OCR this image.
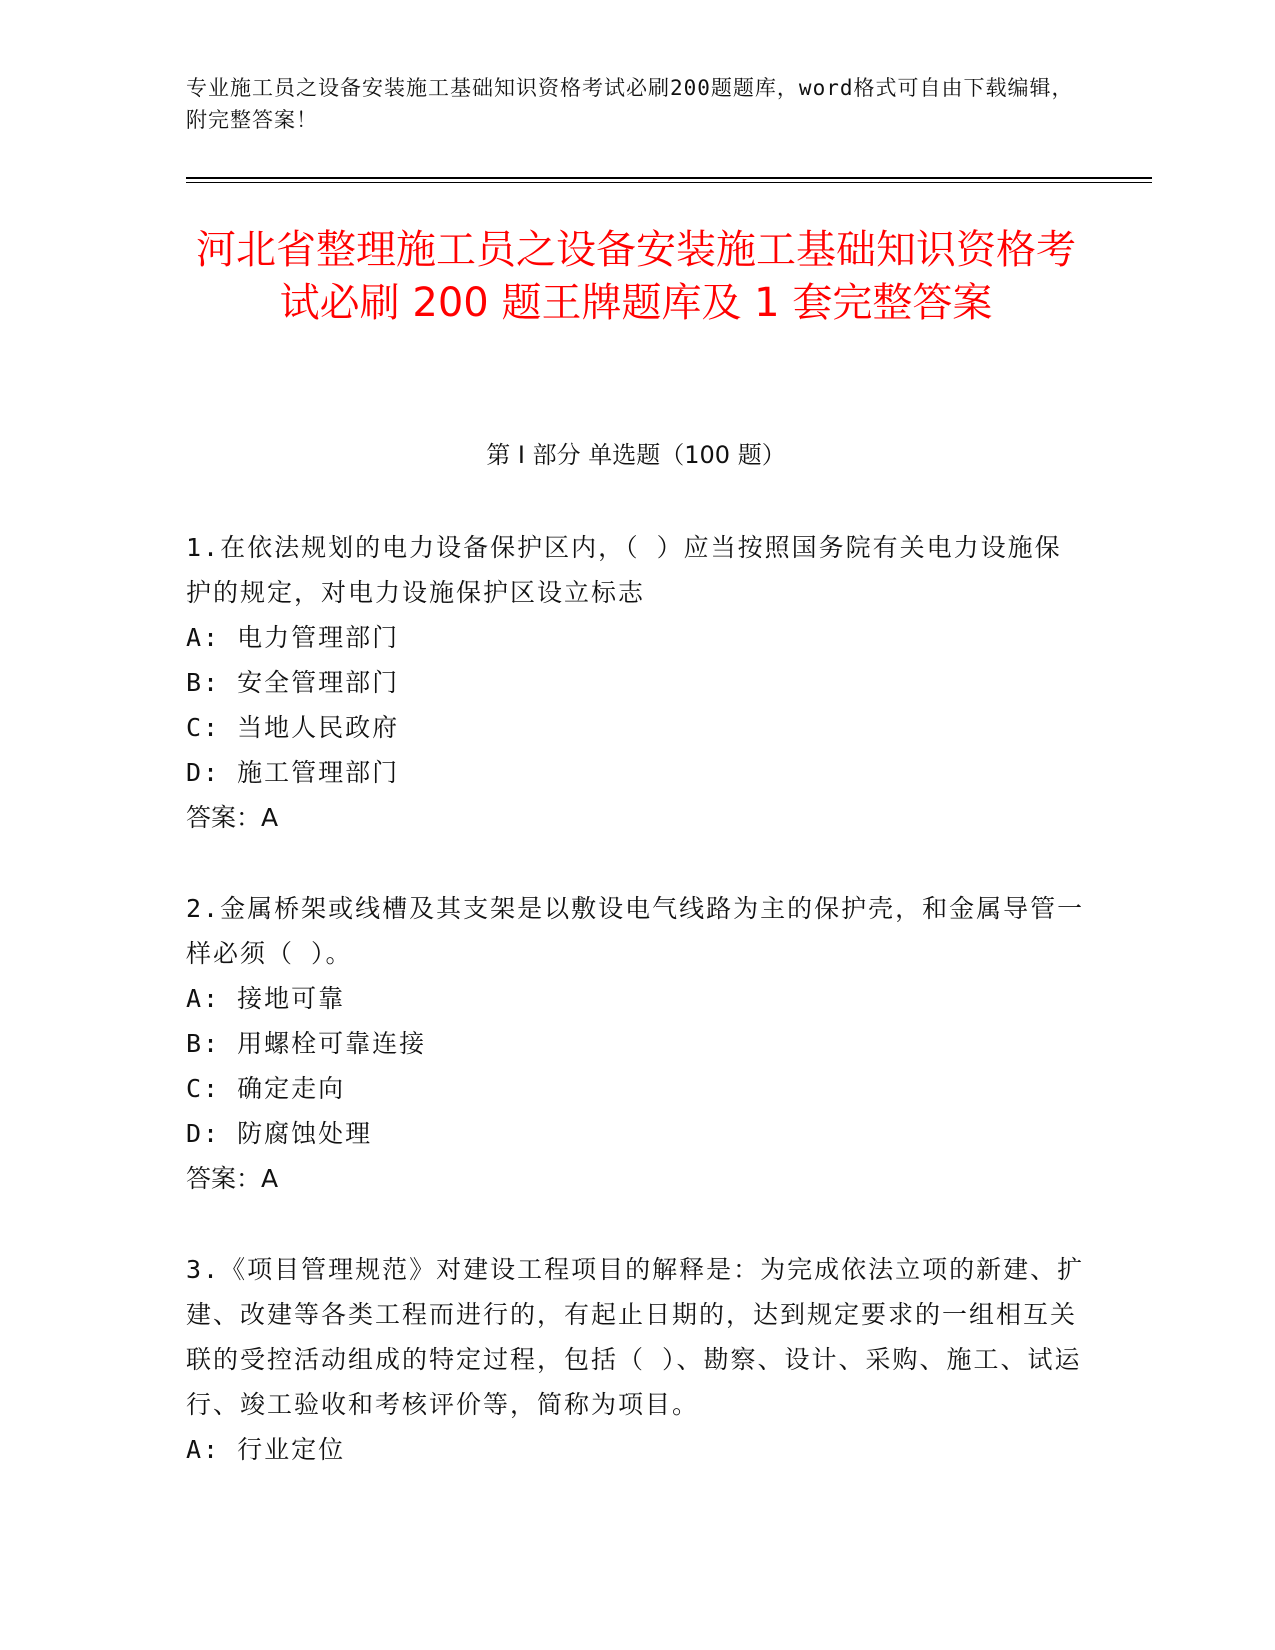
专业施工员之设备安装施工基础知识资格考试必刷200题题库，word格式可自由下载编辑，附完整答案！
河北省整理施工员之设备安装施工基础知识资格考试必刷 200 题王牌题库及 1 套完整答案
第 I 部分 单选题（100 题）

1.在依法规划的电力设备保护区内，（ ）应当按照国务院有关电力设施保护的规定，对电力设施保护区设立标志

A: 电力管理部门
B: 安全管理部门
C: 当地人民政府
D: 施工管理部门
答案：A

2.金属桥架或线槽及其支架是以敷设电气线路为主的保护壳，和金属导管一样必须（ ）。

A: 接地可靠
B: 用螺栓可靠连接
C: 确定走向
D: 防腐蚀处理
答案：A

3.《项目管理规范》对建设工程项目的解释是：为完成依法立项的新建、扩建、改建等各类工程而进行的，有起止日期的，达到规定要求的一组相互关联的受控活动组成的特定过程，包括（ ）、勘察、设计、采购、施工、试运行、竣工验收和考核评价等，简称为项目。

A: 行业定位
